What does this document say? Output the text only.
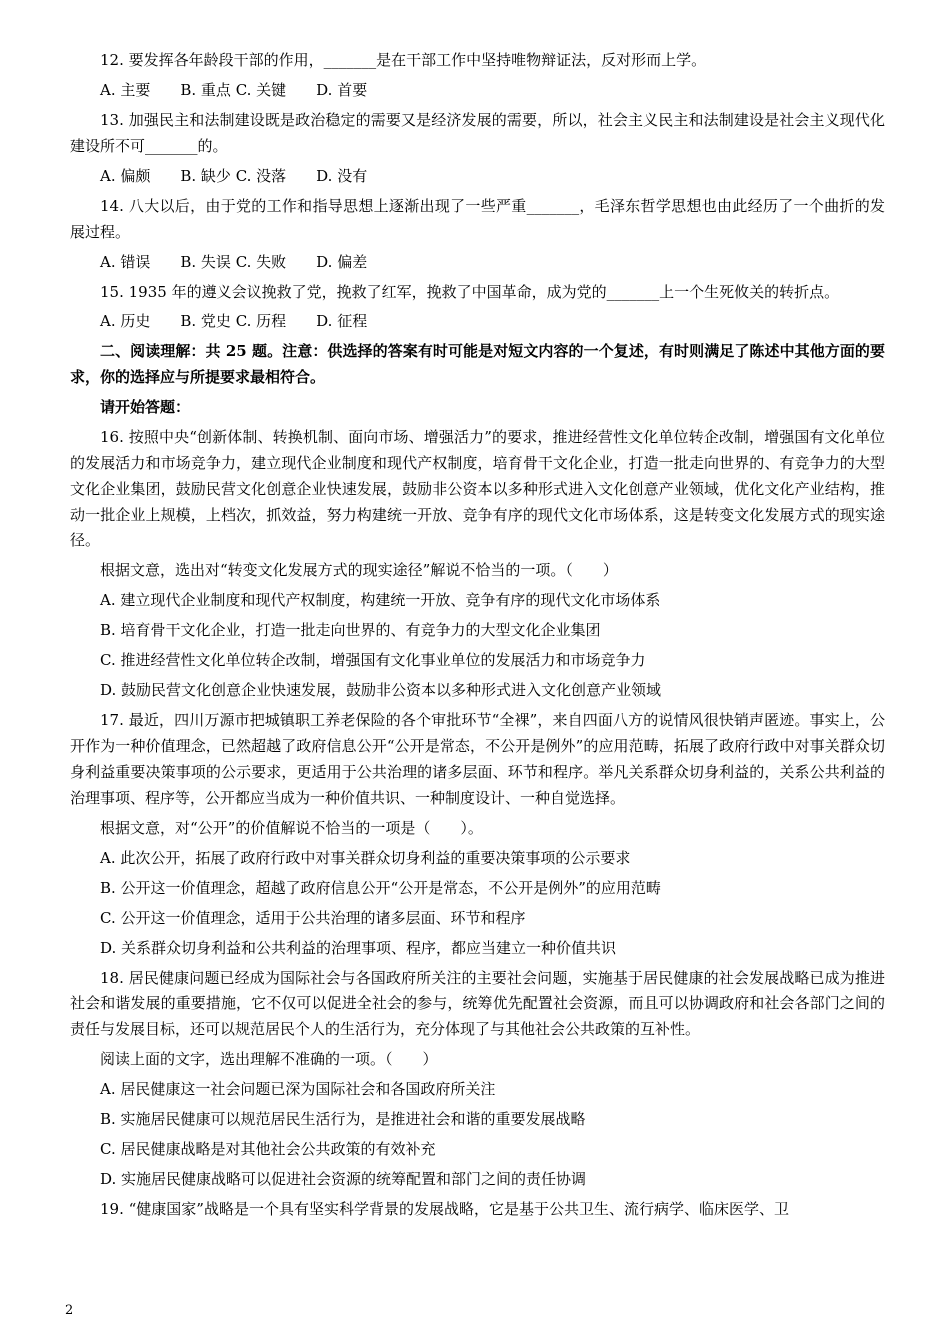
12. 要发挥各年龄段干部的作用，_______是在干部工作中坚持唯物辩证法，反对形而上学。

A. 主要　　B. 重点 C. 关键　　D. 首要

13. 加强民主和法制建设既是政治稳定的需要又是经济发展的需要，所以，社会主义民主和法制建设是社会主义现代化建设所不可_______的。

A. 偏颇　　B. 缺少 C. 没落　　D. 没有

14. 八大以后，由于党的工作和指导思想上逐渐出现了一些严重_______，毛泽东哲学思想也由此经历了一个曲折的发展过程。

A. 错误　　B. 失误 C. 失败　　D. 偏差

15. 1935 年的遵义会议挽救了党，挽救了红军，挽救了中国革命，成为党的_______上一个生死攸关的转折点。

A. 历史　　B. 党史 C. 历程　　D. 征程

二、阅读理解：共 25 题。注意：供选择的答案有时可能是对短文内容的一个复述，有时则满足了陈述中其他方面的要求，你的选择应与所提要求最相符合。

请开始答题：

16. 按照中央“创新体制、转换机制、面向市场、增强活力”的要求，推进经营性文化单位转企改制，增强国有文化单位的发展活力和市场竞争力，建立现代企业制度和现代产权制度，培育骨干文化企业，打造一批走向世界的、有竞争力的大型文化企业集团，鼓励民营文化创意企业快速发展，鼓励非公资本以多种形式进入文化创意产业领域，优化文化产业结构，推动一批企业上规模，上档次，抓效益，努力构建统一开放、竞争有序的现代文化市场体系，这是转变文化发展方式的现实途径。

根据文意，选出对“转变文化发展方式的现实途径”解说不恰当的一项。（　　）

A. 建立现代企业制度和现代产权制度，构建统一开放、竞争有序的现代文化市场体系

B. 培育骨干文化企业，打造一批走向世界的、有竞争力的大型文化企业集团

C. 推进经营性文化单位转企改制，增强国有文化事业单位的发展活力和市场竞争力

D. 鼓励民营文化创意企业快速发展，鼓励非公资本以多种形式进入文化创意产业领域

17. 最近，四川万源市把城镇职工养老保险的各个审批环节“全裸”，来自四面八方的说情风很快销声匿迹。事实上，公开作为一种价值理念，已然超越了政府信息公开“公开是常态，不公开是例外”的应用范畴，拓展了政府行政中对事关群众切身利益重要决策事项的公示要求，更适用于公共治理的诸多层面、环节和程序。举凡关系群众切身利益的，关系公共利益的治理事项、程序等，公开都应当成为一种价值共识、一种制度设计、一种自觉选择。

根据文意，对“公开”的价值解说不恰当的一项是（　　）。

A. 此次公开，拓展了政府行政中对事关群众切身利益的重要决策事项的公示要求

B. 公开这一价值理念，超越了政府信息公开“公开是常态，不公开是例外”的应用范畴

C. 公开这一价值理念，适用于公共治理的诸多层面、环节和程序

D. 关系群众切身利益和公共利益的治理事项、程序，都应当建立一种价值共识

18. 居民健康问题已经成为国际社会与各国政府所关注的主要社会问题，实施基于居民健康的社会发展战略已成为推进社会和谐发展的重要措施，它不仅可以促进全社会的参与，统筹优先配置社会资源，而且可以协调政府和社会各部门之间的责任与发展目标，还可以规范居民个人的生活行为，充分体现了与其他社会公共政策的互补性。

阅读上面的文字，选出理解不准确的一项。（　　）

A. 居民健康这一社会问题已深为国际社会和各国政府所关注

B. 实施居民健康可以规范居民生活行为，是推进社会和谐的重要发展战略

C. 居民健康战略是对其他社会公共政策的有效补充

D. 实施居民健康战略可以促进社会资源的统筹配置和部门之间的责任协调

19. “健康国家”战略是一个具有坚实科学背景的发展战略，它是基于公共卫生、流行病学、临床医学、卫

2
